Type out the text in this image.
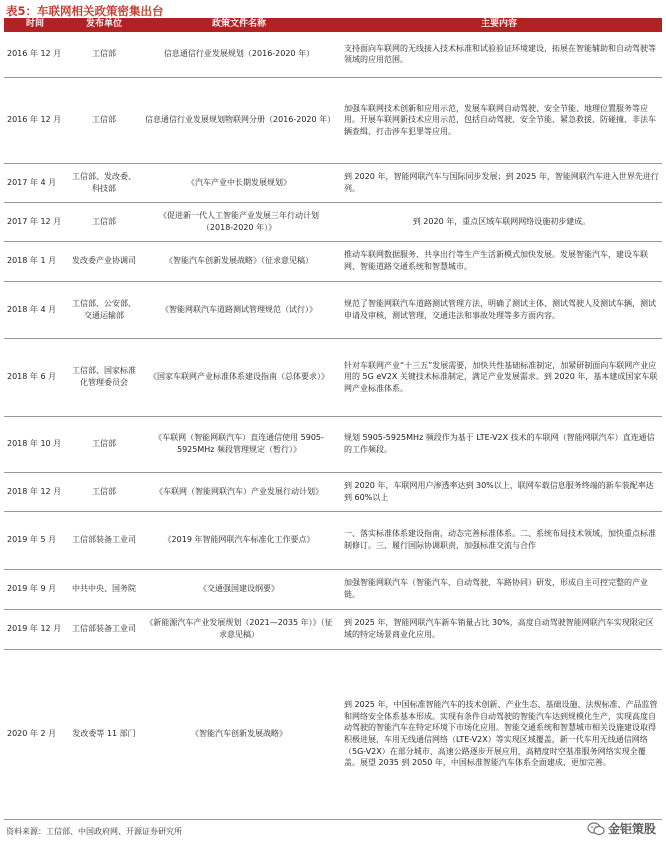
表5：车联网相关政策密集出台
时间	发布单位	政策文件名称	主要内容
2016 年 12 月	工信部	信息通信行业发展规划（2016-2020 年）	支持面向车联网的无线接入技术标准和试验验证环境建设，拓展在智能辅助和自动驾驶等领域的应用范围。
2016 年 12 月	工信部	信息通信行业发展规划物联网分册（2016-2020 年）	加强车联网技术创新和应用示范，发展车联网自动驾驶、安全节能、地理位置服务等应用。开展车联网新技术应用示范，包括自动驾驶、安全节能、紧急救援、防碰撞、非法车辆查缉、打击涉车犯罪等应用。
2017 年 4 月	工信部、发改委、科技部	《汽车产业中长期发展规划》	到 2020 年，智能网联汽车与国际同步发展；到 2025 年，智能网联汽车进入世界先进行列。
2017 年 12 月	工信部	《促进新一代人工智能产业发展三年行动计划（2018-2020 年）》	到 2020 年，重点区域车联网网络设施初步建成。
2018 年 1 月	发改委产业协调司	《智能汽车创新发展战略》（征求意见稿）	推动车联网数据服务、共享出行等生产生活新模式加快发展。发展智能汽车，建设车联网、智能道路交通系统和智慧城市。
2018 年 4 月	工信部、公安部、交通运输部	《智能网联汽车道路测试管理规范（试行）》	规范了智能网联汽车道路测试管理方法，明确了测试主体、测试驾驶人及测试车辆，测试申请及审核，测试管理，交通违法和事故处理等多方面内容。
2018 年 6 月	工信部、国家标准化管理委员会	《国家车联网产业标准体系建设指南（总体要求）》	针对车联网产业“十三五”发展需要，加快共性基础标准制定，加紧研制面向车联网产业应用的 5G eV2X 关键技术标准制定，满足产业发展需求。到 2020 年，基本建成国家车联网产业标准体系。
2018 年 10 月	工信部	《车联网（智能网联汽车）直连通信使用 5905-5925MHz 频段管理规定（暂行）》	规划 5905-5925MHz 频段作为基于 LTE-V2X 技术的车联网（智能网联汽车）直连通信的工作频段。
2018 年 12 月	工信部	《车联网（智能网联汽车）产业发展行动计划》	到 2020 年，车联网用户渗透率达到 30%以上，联网车载信息服务终端的新车装配率达到 60%以上
2019 年 5 月	工信部装备工业司	《2019 年智能网联汽车标准化工作要点》	一、落实标准体系建设指南，动态完善标准体系。二、系统布局技术领域，加快重点标准制修订。三、履行国际协调职责，加强标准交流与合作
2019 年 9 月	中共中央、国务院	《交通强国建设纲要》	加强智能网联汽车（智能汽车、自动驾驶、车路协同）研发，形成自主可控完整的产业链。
2019 年 12 月	工信部装备工业司	《新能源汽车产业发展规划（2021—2035 年）》（征求意见稿）	到 2025 年，智能网联汽车新车销量占比 30%，高度自动驾驶智能网联汽车实现限定区域的特定场景商业化应用。
2020 年 2 月	发改委等 11 部门	《智能汽车创新发展战略》	到 2025 年，中国标准智能汽车的技术创新、产业生态、基础设施、法规标准、产品监管和网络安全体系基本形成。实现有条件自动驾驶的智能汽车达到规模化生产，实现高度自动驾驶的智能汽车在特定环境下市场化应用。智能交通系统和智慧城市相关设施建设取得积极进展，车用无线通信网络（LTE-V2X）等实现区域覆盖，新一代车用无线通信网络（5G-V2X）在部分城市、高速公路逐步开展应用，高精度时空基准服务网络实现全覆盖。展望 2035 到 2050 年，中国标准智能汽车体系全面建成、更加完善。
资料来源：工信部、中国政府网、开源证券研究所	金钜策股
